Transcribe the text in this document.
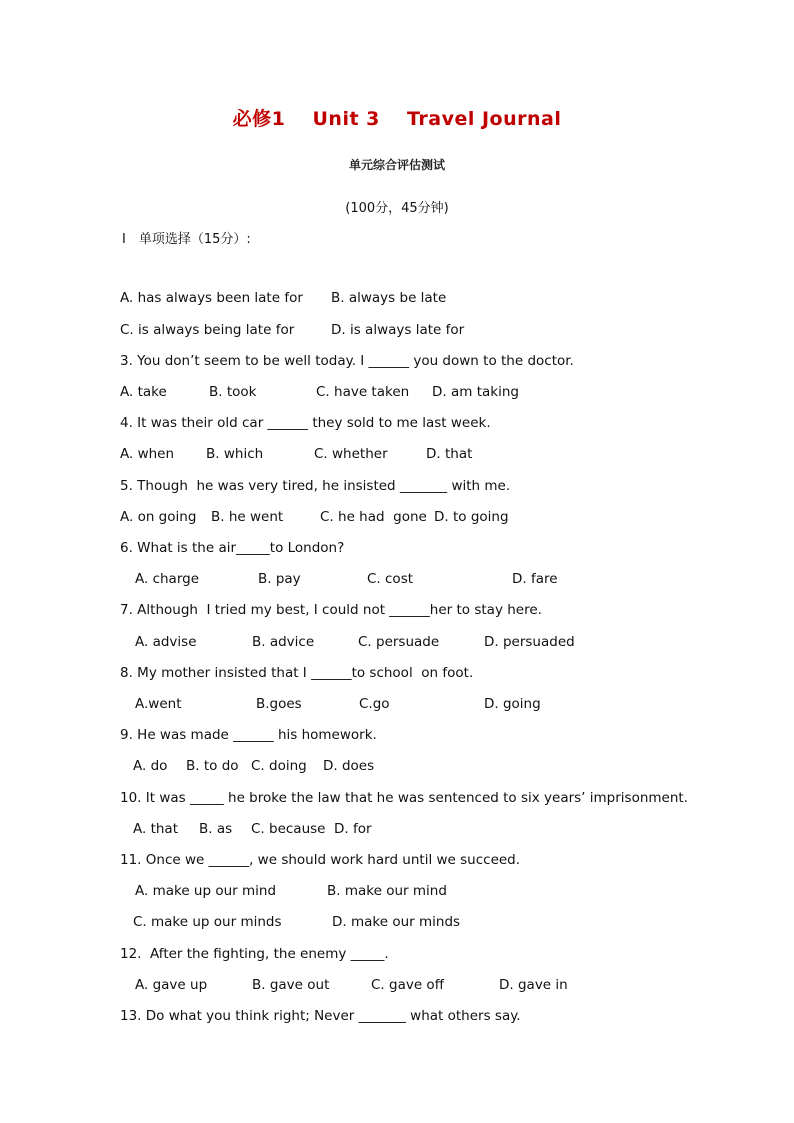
必修1 Unit 3 Travel Journal
单元综合评估测试
(100分，45分钟)
I　单项选择（15分）:
A. has always been late for B. always be late
C. is always being late for	D. is always late for
3. You don’t seem to be well today. I ______ you down to the doctor.
A. take	B. took	C. have taken D. am taking
4. It was their old car ______ they sold to me last week.
A. when B. which	C. whether	D. that
5. Though  he was very tired, he insisted _______ with me.
A. on going B. he went	C. he had  gone D. to going
6. What is the air_____to London?
A. charge	B. pay	C. cost	D. fare
7. Although  I tried my best, I could not ______her to stay here.
A. advise	B. advice	C. persuade	D. persuaded
8. My mother insisted that I ______to school  on foot.
A.went	B.goes	C.go	D. going
9. He was made ______ his homework.
A. do B. to do C. doing D. does
10. It was _____ he broke the law that he was sentenced to six years’ imprisonment.
A. that B. as C. because D. for
11. Once we ______, we should work hard until we succeed.
A. make up our mind	B. make our mind
C. make up our minds	D. make our minds
12.  After the fighting, the enemy _____.
A. gave up	B. gave out	C. gave off	D. gave in
13. Do what you think right; Never _______ what others say.
